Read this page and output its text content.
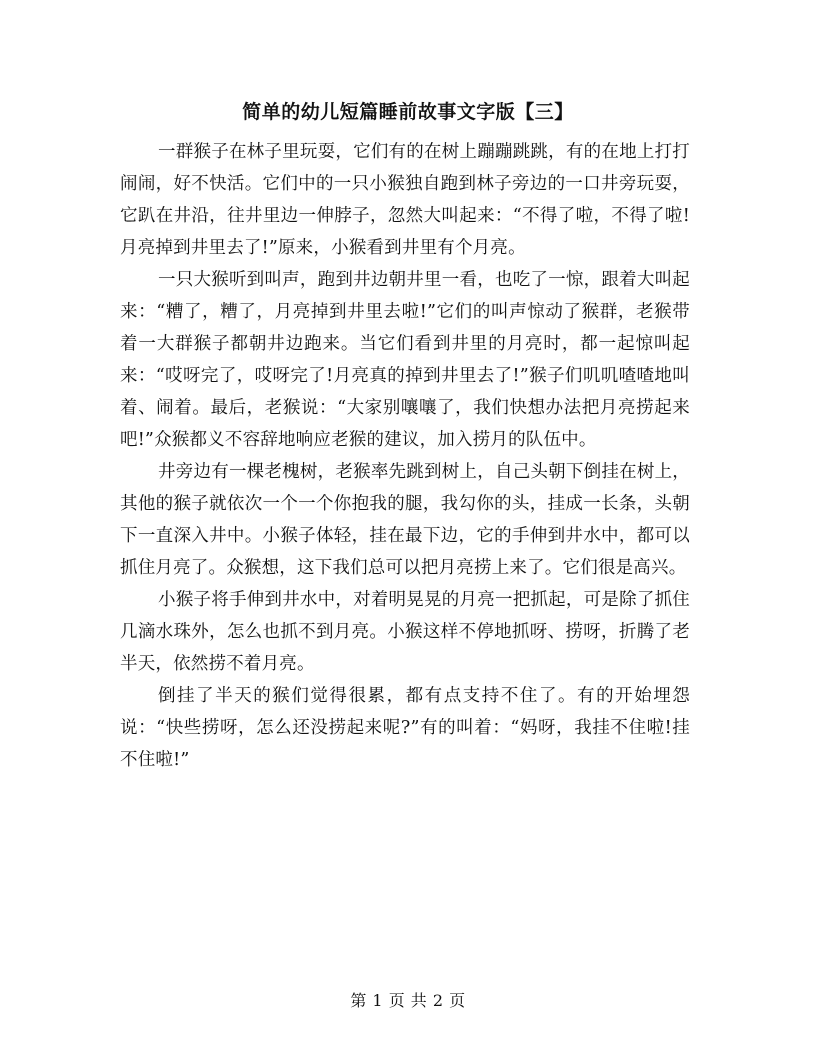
简单的幼儿短篇睡前故事文字版【三】

一群猴子在林子里玩耍，它们有的在树上蹦蹦跳跳，有的在地上打打闹闹，好不快活。它们中的一只小猴独自跑到林子旁边的一口井旁玩耍，它趴在井沿，往井里边一伸脖子，忽然大叫起来：“不得了啦，不得了啦!月亮掉到井里去了!”原来，小猴看到井里有个月亮。

一只大猴听到叫声，跑到井边朝井里一看，也吃了一惊，跟着大叫起来：“糟了，糟了，月亮掉到井里去啦!”它们的叫声惊动了猴群，老猴带着一大群猴子都朝井边跑来。当它们看到井里的月亮时，都一起惊叫起来：“哎呀完了，哎呀完了!月亮真的掉到井里去了!”猴子们叽叽喳喳地叫着、闹着。最后，老猴说：“大家别嚷嚷了，我们快想办法把月亮捞起来吧!”众猴都义不容辞地响应老猴的建议，加入捞月的队伍中。

井旁边有一棵老槐树，老猴率先跳到树上，自己头朝下倒挂在树上，其他的猴子就依次一个一个你抱我的腿，我勾你的头，挂成一长条，头朝下一直深入井中。小猴子体轻，挂在最下边，它的手伸到井水中，都可以抓住月亮了。众猴想，这下我们总可以把月亮捞上来了。它们很是高兴。

小猴子将手伸到井水中，对着明晃晃的月亮一把抓起，可是除了抓住几滴水珠外，怎么也抓不到月亮。小猴这样不停地抓呀、捞呀，折腾了老半天，依然捞不着月亮。

倒挂了半天的猴们觉得很累，都有点支持不住了。有的开始埋怨说：“快些捞呀，怎么还没捞起来呢?”有的叫着：“妈呀，我挂不住啦!挂不住啦!”

第 1 页 共 2 页
